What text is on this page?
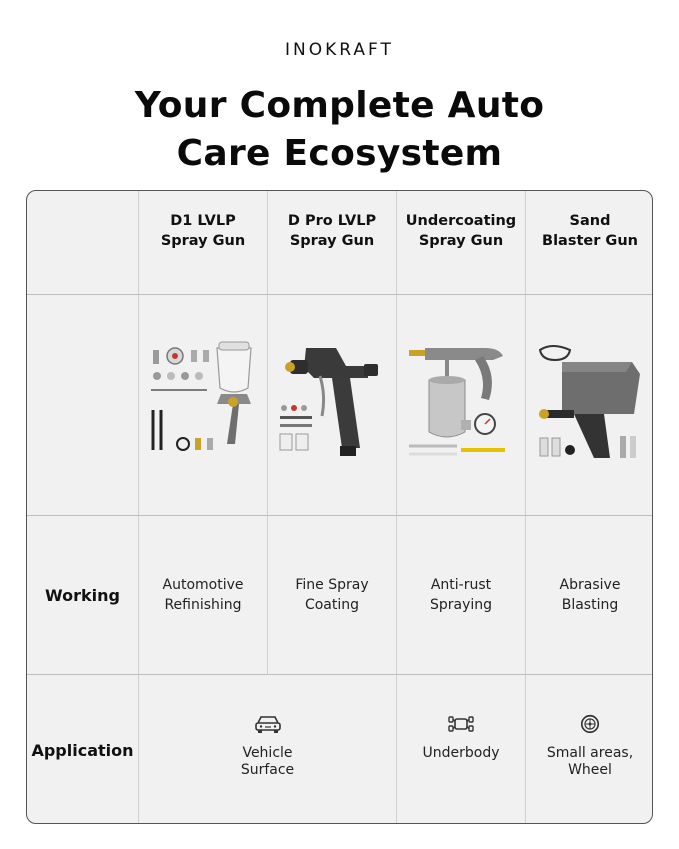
INOKRAFT
Your Complete Auto
Care Ecosystem
D1 LVLP
Spray Gun
D Pro LVLP
Spray Gun
Undercoating
Spray Gun
Sand
Blaster Gun
Working
Automotive
Refinishing
Fine Spray
Coating
Anti-rust
Spraying
Abrasive
Blasting
Application	Vehicle
Surface
Underbody	Small areas,
Wheel
